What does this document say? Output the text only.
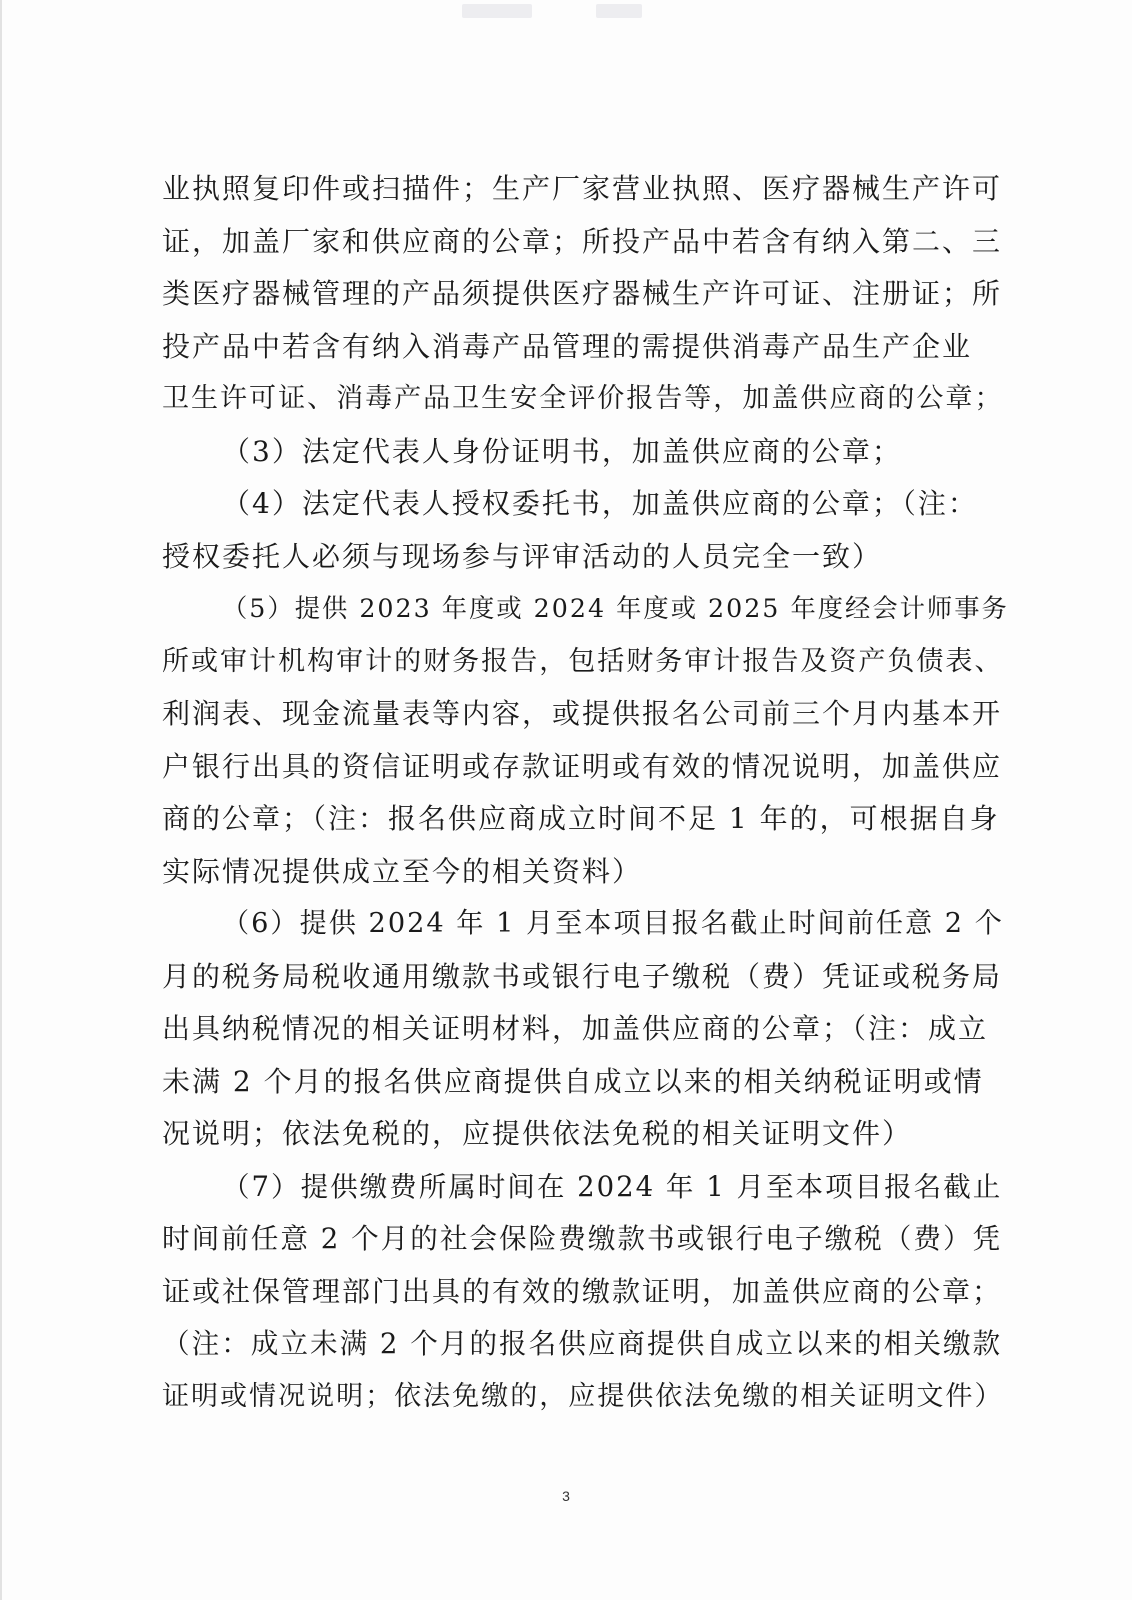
业执照复印件或扫描件；生产厂家营业执照、医疗器械生产许可
证，加盖厂家和供应商的公章；所投产品中若含有纳入第二、三
类医疗器械管理的产品须提供医疗器械生产许可证、注册证；所
投产品中若含有纳入消毒产品管理的需提供消毒产品生产企业
卫生许可证、消毒产品卫生安全评价报告等，加盖供应商的公章；
（3）法定代表人身份证明书，加盖供应商的公章；
（4）法定代表人授权委托书，加盖供应商的公章；（注：
授权委托人必须与现场参与评审活动的人员完全一致）
（5）提供 2023 年度或 2024 年度或 2025 年度经会计师事务
所或审计机构审计的财务报告，包括财务审计报告及资产负债表、
利润表、现金流量表等内容，或提供报名公司前三个月内基本开
户银行出具的资信证明或存款证明或有效的情况说明，加盖供应
商的公章；（注：报名供应商成立时间不足 1 年的，可根据自身
实际情况提供成立至今的相关资料）
（6）提供 2024 年 1 月至本项目报名截止时间前任意 2 个
月的税务局税收通用缴款书或银行电子缴税（费）凭证或税务局
出具纳税情况的相关证明材料，加盖供应商的公章；（注：成立
未满 2 个月的报名供应商提供自成立以来的相关纳税证明或情
况说明；依法免税的，应提供依法免税的相关证明文件）
（7）提供缴费所属时间在 2024 年 1 月至本项目报名截止
时间前任意 2 个月的社会保险费缴款书或银行电子缴税（费）凭
证或社保管理部门出具的有效的缴款证明，加盖供应商的公章；
（注：成立未满 2 个月的报名供应商提供自成立以来的相关缴款
证明或情况说明；依法免缴的，应提供依法免缴的相关证明文件）
3
